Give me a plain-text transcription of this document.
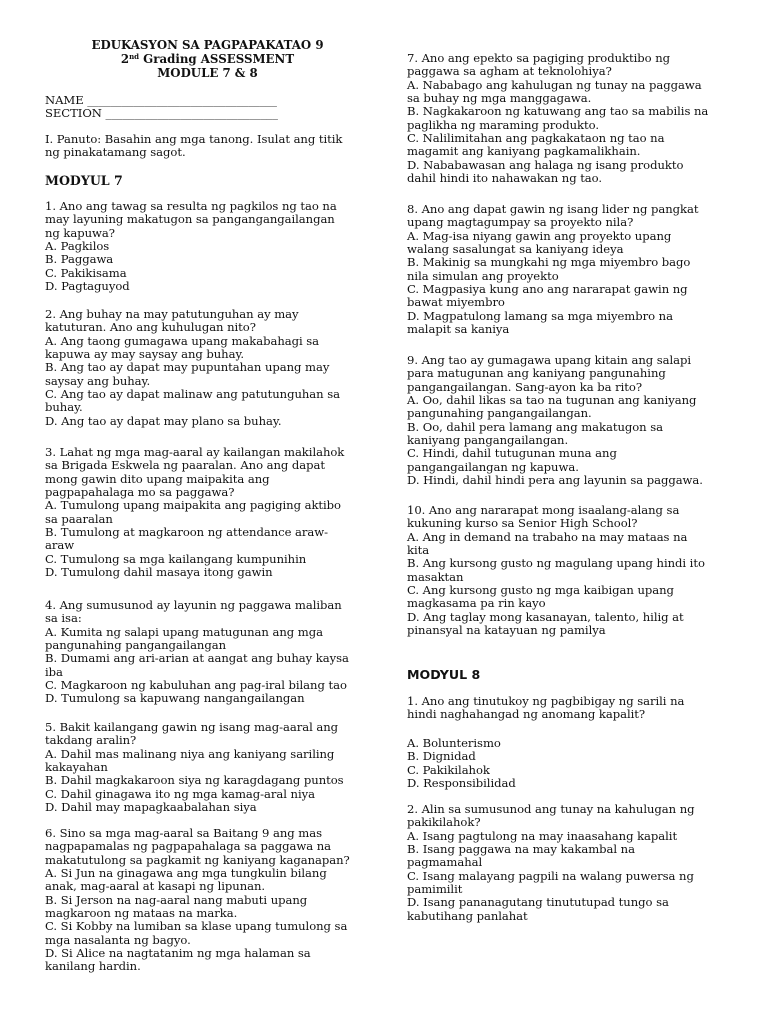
EDUKASYON SA PAGPAPAKATAO 9
2nd Grading ASSESSMENT
MODULE 7 & 8
NAME _________________________________
SECTION ______________________________
I. Panuto: Basahin ang mga tanong. Isulat ang titik
ng pinakatamang sagot.
MODYUL 7
1. Ano ang tawag sa resulta ng pagkilos ng tao na
may layuning makatugon sa pangangangailangan
ng kapuwa?
A. Pagkilos
B. Paggawa
C. Pakikisama
D. Pagtaguyod
2. Ang buhay na may patutunguhan ay may
katuturan. Ano ang kuhulugan nito?
A. Ang taong gumagawa upang makabahagi sa
kapuwa ay may saysay ang buhay.
B. Ang tao ay dapat may pupuntahan upang may
saysay ang buhay.
C. Ang tao ay dapat malinaw ang patutunguhan sa
buhay.
D. Ang tao ay dapat may plano sa buhay.
3. Lahat ng mga mag-aaral ay kailangan makilahok
sa Brigada Eskwela ng paaralan. Ano ang dapat
mong gawin dito upang maipakita ang
pagpapahalaga mo sa paggawa?
A. Tumulong upang maipakita ang pagiging aktibo
sa paaralan
B. Tumulong at magkaroon ng attendance araw-
araw
C. Tumulong sa mga kailangang kumpunihin
D. Tumulong dahil masaya itong gawin
4. Ang sumusunod ay layunin ng paggawa maliban
sa isa:
A. Kumita ng salapi upang matugunan ang mga
pangunahing pangangailangan
B. Dumami ang ari-arian at aangat ang buhay kaysa
iba
C. Magkaroon ng kabuluhan ang pag-iral bilang tao
D. Tumulong sa kapuwang nangangailangan
5. Bakit kailangang gawin ng isang mag-aaral ang
takdang aralin?
A. Dahil mas malinang niya ang kaniyang sariling
kakayahan
B. Dahil magkakaroon siya ng karagdagang puntos
C. Dahil ginagawa ito ng mga kamag-aral niya
D. Dahil may mapagkaabalahan siya
6. Sino sa mga mag-aaral sa Baitang 9 ang mas
nagpapamalas ng pagpapahalaga sa paggawa na
makatutulong sa pagkamit ng kaniyang kaganapan?
A. Si Jun na ginagawa ang mga tungkulin bilang
anak, mag-aaral at kasapi ng lipunan.
B. Si Jerson na nag-aaral nang mabuti upang
magkaroon ng mataas na marka.
C. Si Kobby na lumiban sa klase upang tumulong sa
mga nasalanta ng bagyo.
D. Si Alice na nagtatanim ng mga halaman sa
kanilang hardin.
7. Ano ang epekto sa pagiging produktibo ng
paggawa sa agham at teknolohiya?
A. Nababago ang kahulugan ng tunay na paggawa
sa buhay ng mga manggagawa.
B. Nagkakaroon ng katuwang ang tao sa mabilis na
paglikha ng maraming produkto.
C. Nalilimitahan ang pagkakataon ng tao na
magamit ang kaniyang pagkamalikhain.
D. Nababawasan ang halaga ng isang produkto
dahil hindi ito nahawakan ng tao.
8. Ano ang dapat gawin ng isang lider ng pangkat
upang magtagumpay sa proyekto nila?
A. Mag-isa niyang gawin ang proyekto upang
walang sasalungat sa kaniyang ideya
B. Makinig sa mungkahi ng mga miyembro bago
nila simulan ang proyekto
C. Magpasiya kung ano ang nararapat gawin ng
bawat miyembro
D. Magpatulong lamang sa mga miyembro na
malapit sa kaniya
9. Ang tao ay gumagawa upang kitain ang salapi
para matugunan ang kaniyang pangunahing
pangangailangan. Sang-ayon ka ba rito?
A. Oo, dahil likas sa tao na tugunan ang kaniyang
pangunahing pangangailangan.
B. Oo, dahil pera lamang ang makatugon sa
kaniyang pangangailangan.
C. Hindi, dahil tutugunan muna ang
pangangailangan ng kapuwa.
D. Hindi, dahil hindi pera ang layunin sa paggawa.
10. Ano ang nararapat mong isaalang-alang sa
kukuning kurso sa Senior High School?
A. Ang in demand na trabaho na may mataas na
kita
B. Ang kursong gusto ng magulang upang hindi ito
masaktan
C. Ang kursong gusto ng mga kaibigan upang
magkasama pa rin kayo
D. Ang taglay mong kasanayan, talento, hilig at
pinansyal na katayuan ng pamilya
MODYUL 8
1. Ano ang tinutukoy ng pagbibigay ng sarili na
hindi naghahangad ng anomang kapalit?
A. Bolunterismo
B. Dignidad
C. Pakikilahok
D. Responsibilidad
2. Alin sa sumusunod ang tunay na kahulugan ng
pakikilahok?
A. Isang pagtulong na may inaasahang kapalit
B. Isang paggawa na may kakambal na
pagmamahal
C. Isang malayang pagpili na walang puwersa ng
pamimilit
D. Isang pananagutang tinututupad tungo sa
kabutihang panlahat
